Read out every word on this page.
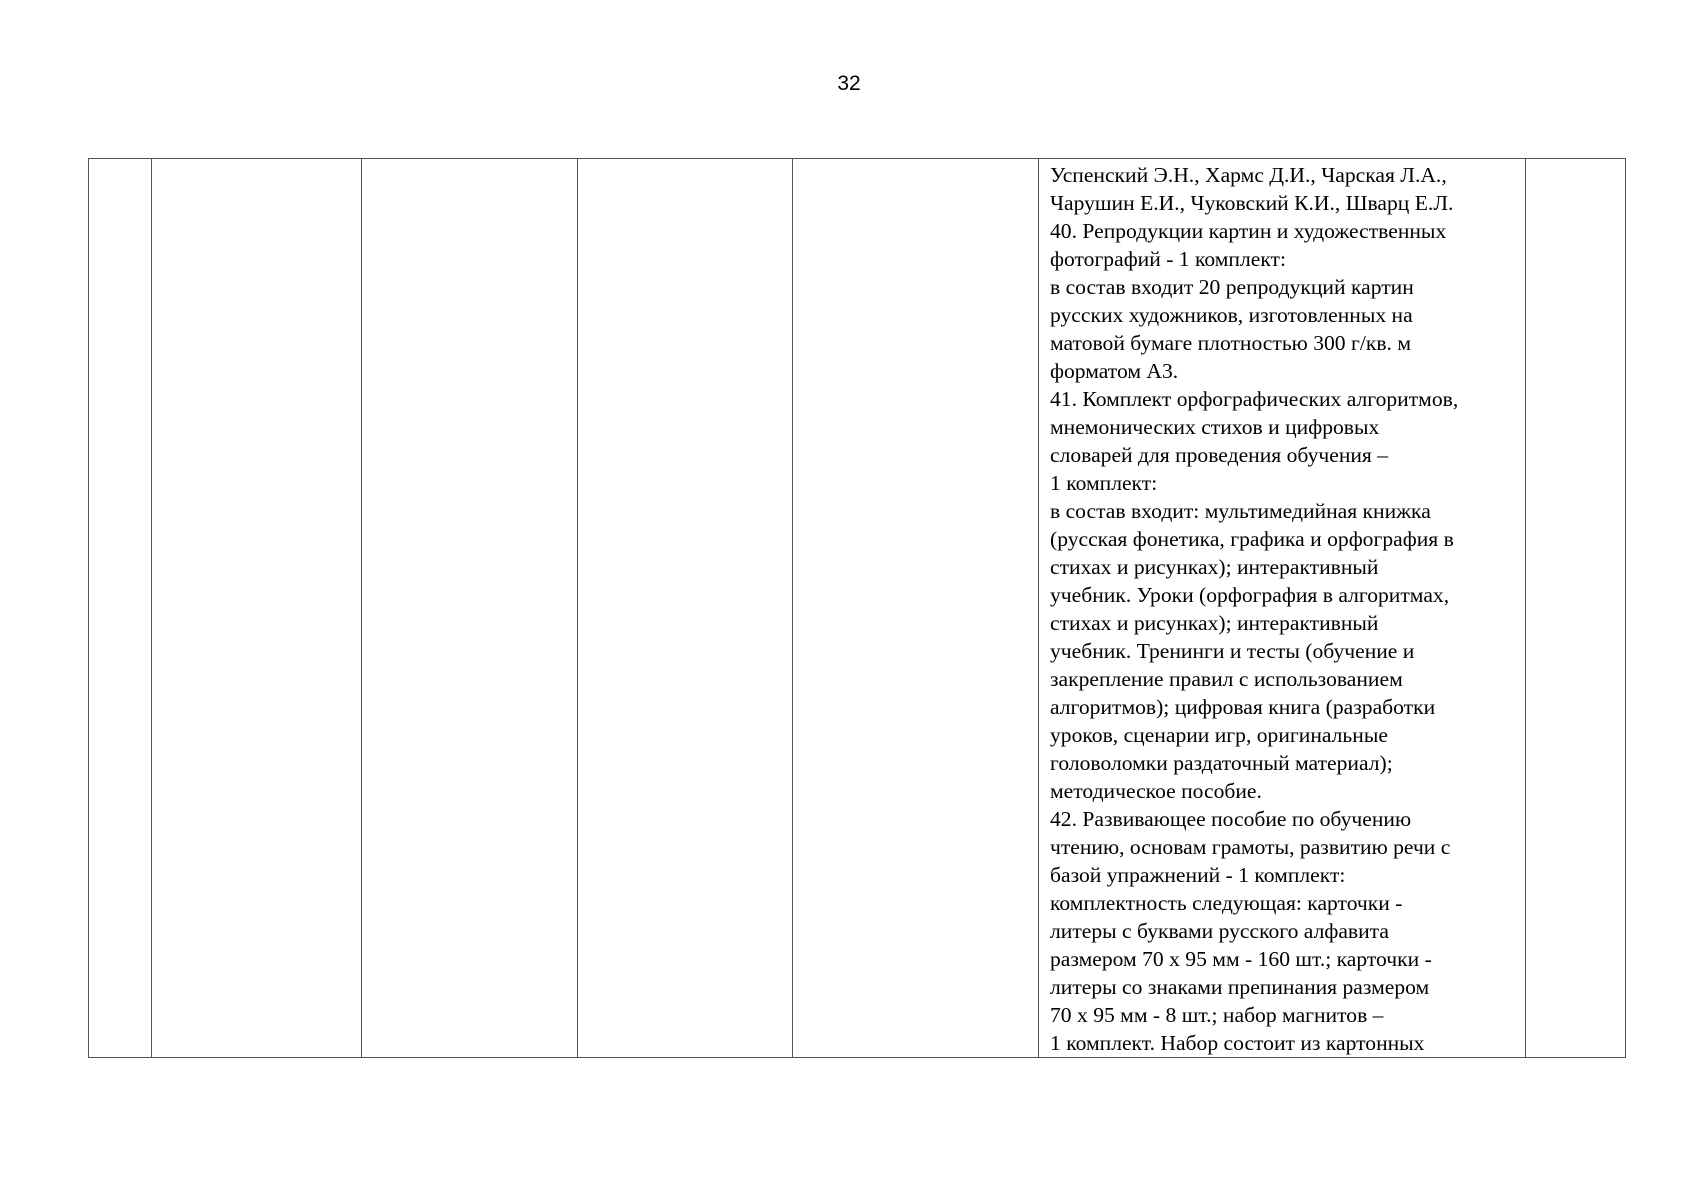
32

Успенский Э.Н., Хармс Д.И., Чарская Л.А.,
Чарушин Е.И., Чуковский К.И., Шварц Е.Л.
40. Репродукции картин и художественных
фотографий - 1 комплект:
в состав входит 20 репродукций картин
русских художников, изготовленных на
матовой бумаге плотностью 300 г/кв. м
форматом А3.
41. Комплект орфографических алгоритмов,
мнемонических стихов и цифровых
словарей для проведения обучения –
1 комплект:
в состав входит: мультимедийная книжка
(русская фонетика, графика и орфография в
стихах и рисунках); интерактивный
учебник. Уроки (орфография в алгоритмах,
стихах и рисунках); интерактивный
учебник. Тренинги и тесты (обучение и
закрепление правил с использованием
алгоритмов); цифровая книга (разработки
уроков, сценарии игр, оригинальные
головоломки раздаточный материал);
методическое пособие.
42. Развивающее пособие по обучению
чтению, основам грамоты, развитию речи с
базой упражнений - 1 комплект:
комплектность следующая: карточки -
литеры с буквами русского алфавита
размером 70 х 95 мм - 160 шт.; карточки -
литеры со знаками препинания размером
70 х 95 мм - 8 шт.; набор магнитов –
1 комплект. Набор состоит из картонных
